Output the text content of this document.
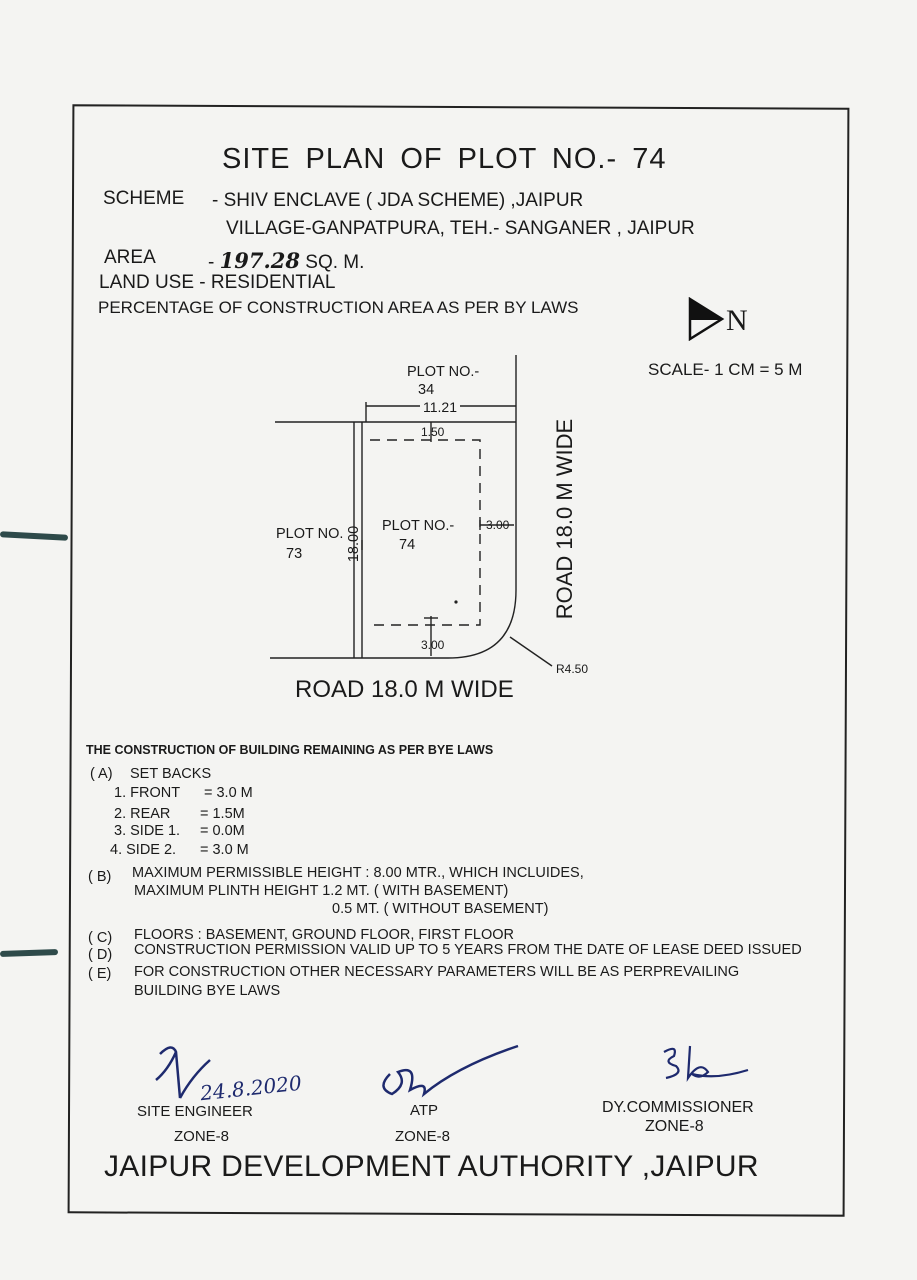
SITE PLAN OF PLOT NO.- 74
SCHEME - SHIV ENCLAVE ( JDA SCHEME) ,JAIPUR
VILLAGE-GANPATPURA, TEH.- SANGANER , JAIPUR
AREA	- 197.28 SQ. M.
LAND USE - RESIDENTIAL
PERCENTAGE OF CONSTRUCTION AREA AS PER BY LAWS	N
SCALE- 1 CM = 5 M
PLOT NO.-
34
11.21
1.50
PLOT NO.
73	18.00 PLOT NO.-
74
3.00
3.00
R4.50
ROAD 18.0 M WIDE
ROAD 18.0 M WIDE
THE CONSTRUCTION OF BUILDING REMAINING AS PER BYE LAWS
( A) SET BACKS
1. FRONT = 3.0 M
2. REAR = 1.5M
3. SIDE 1. = 0.0M
4. SIDE 2. = 3.0 M
( B) MAXIMUM PERMISSIBLE HEIGHT : 8.00 MTR., WHICH INCLUIDES,
MAXIMUM PLINTH HEIGHT 1.2 MT. ( WITH BASEMENT)
0.5 MT. ( WITHOUT BASEMENT)
( C) FLOORS : BASEMENT, GROUND FLOOR, FIRST FLOOR
( D) CONSTRUCTION PERMISSION VALID UP TO 5 YEARS FROM THE DATE OF LEASE DEED ISSUED
( E) FOR CONSTRUCTION OTHER NECESSARY PARAMETERS WILL BE AS PERPREVAILING
BUILDING BYE LAWS
24.8.2020
SITE ENGINEER
ZONE-8
ATP
ZONE-8
DY.COMMISSIONER
ZONE-8
JAIPUR DEVELOPMENT AUTHORITY ,JAIPUR
